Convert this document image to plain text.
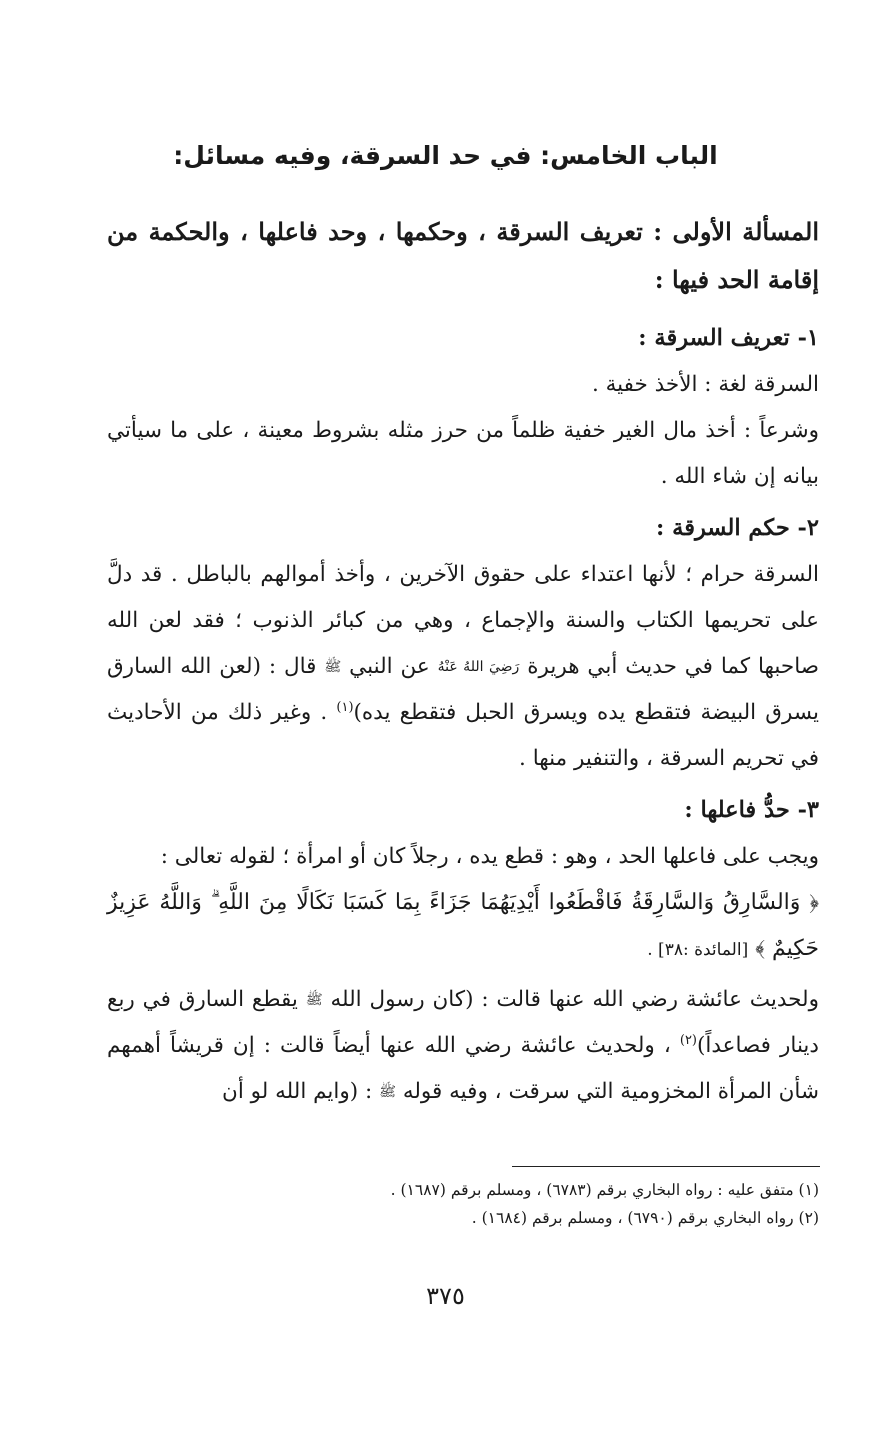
الباب الخامس: في حد السرقة، وفيه مسائل:

المسألة الأولى : تعريف السرقة ، وحكمها ، وحد فاعلها ، والحكمة من إقامة الحد فيها :

١- تعريف السرقة :

السرقة لغة : الأخذ خفية .

وشرعاً : أخذ مال الغير خفية ظلماً من حرز مثله بشروط معينة ، على ما سيأتي بيانه إن شاء الله .

٢- حكم السرقة :

السرقة حرام ؛ لأنها اعتداء على حقوق الآخرين ، وأخذ أموالهم بالباطل . قد دلَّ على تحريمها الكتاب والسنة والإجماع ، وهي من كبائر الذنوب ؛ فقد لعن الله صاحبها كما في حديث أبي هريرة رَضِيَ اللهُ عَنْهُ عن النبي ﷺ قال : (لعن الله السارق يسرق البيضة فتقطع يده ويسرق الحبل فتقطع يده)$^{(١)}$ . وغير ذلك من الأحاديث في تحريم السرقة ، والتنفير منها .

٣- حدُّ فاعلها :

ويجب على فاعلها الحد ، وهو : قطع يده ، رجلاً كان أو امرأة ؛ لقوله تعالى :

﴿ وَالسَّارِقُ وَالسَّارِقَةُ فَاقْطَعُوا أَيْدِيَهُمَا جَزَاءً بِمَا كَسَبَا نَكَالًا مِنَ اللَّهِ ۗ وَاللَّهُ عَزِيزٌ حَكِيمٌ ﴾ [المائدة :٣٨] .

ولحديث عائشة رضي الله عنها قالت : (كان رسول الله ﷺ يقطع السارق في ربع دينار فصاعداً)$^{(٢)}$ ، ولحديث عائشة رضي الله عنها أيضاً قالت : إن قريشاً أهمهم شأن المرأة المخزومية التي سرقت ، وفيه قوله ﷺ : (وايم الله لو أن

(١) متفق عليه : رواه البخاري برقم (٦٧٨٣) ، ومسلم برقم (١٦٨٧) .

(٢) رواه البخاري برقم (٦٧٩٠) ، ومسلم برقم (١٦٨٤) .

٣٧٥
